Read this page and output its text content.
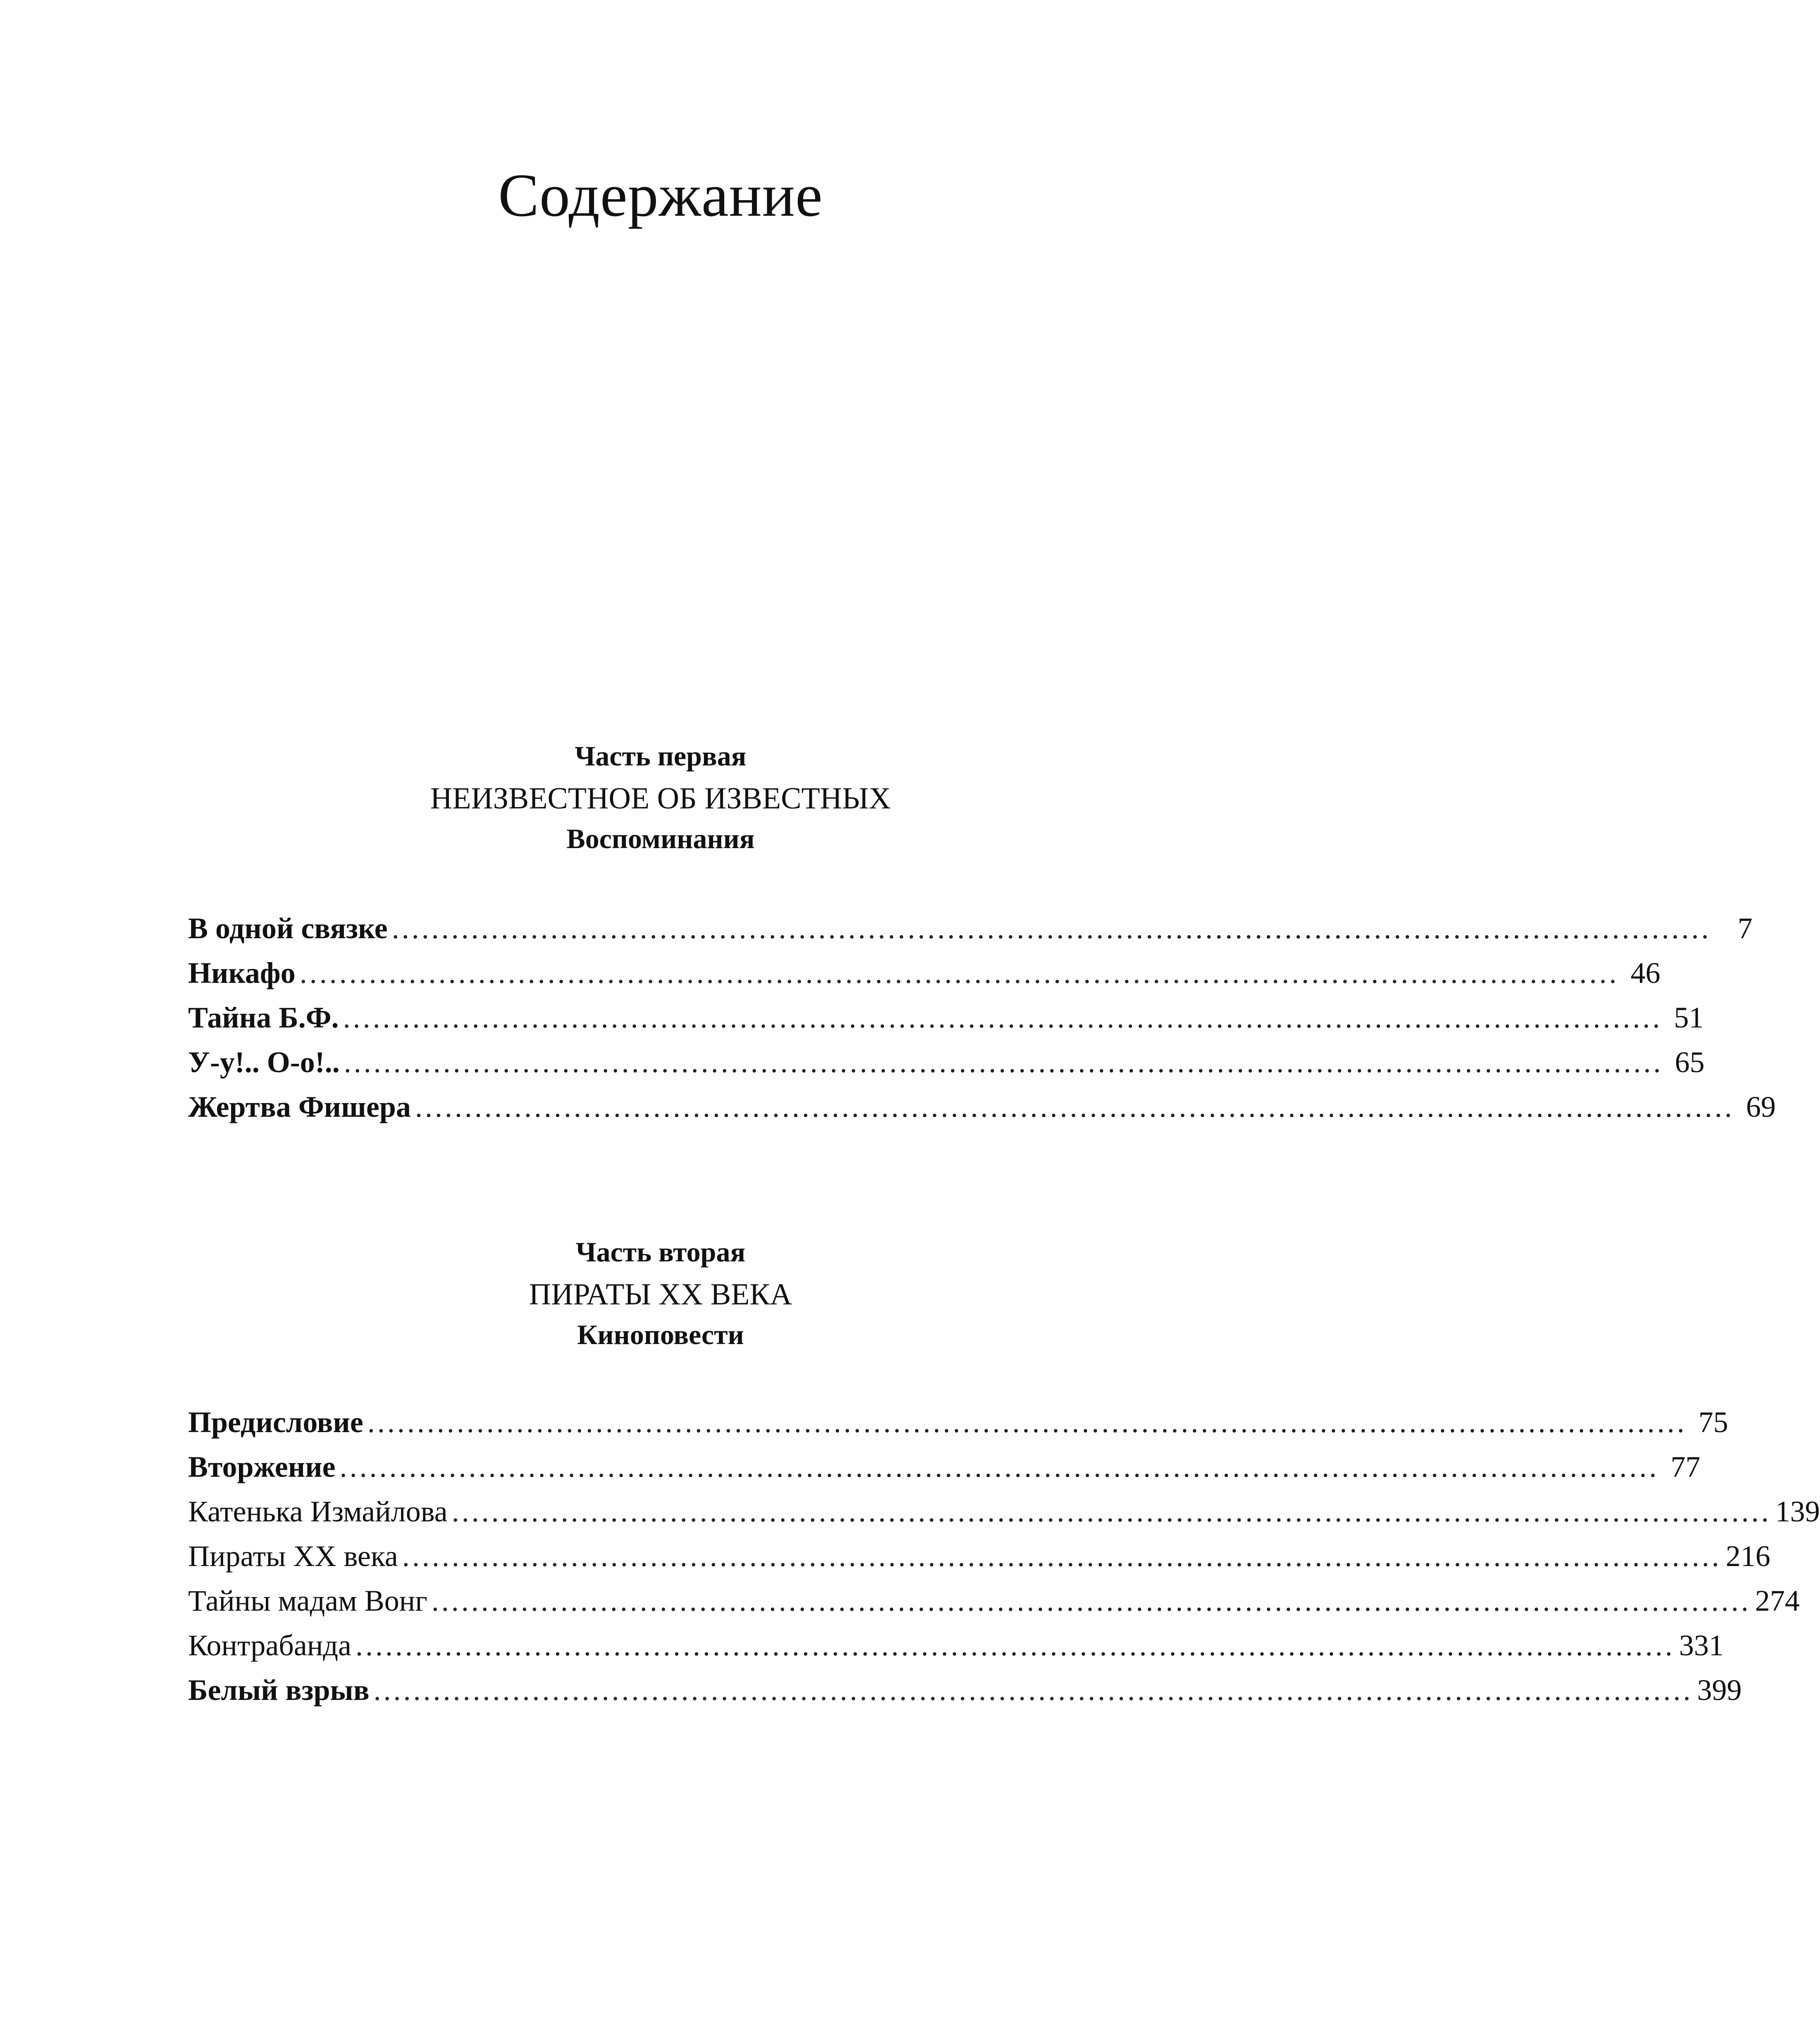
Содержание
Часть первая
НЕИЗВЕСТНОЕ ОБ ИЗВЕСТНЫХ
Воспоминания
В одной связке ..................................................................................................................................... 7
Никафо ..................................................................................................................................... 46
Тайна Б.Ф. ..................................................................................................................................... 51
У-у!.. О-о!.. ..................................................................................................................................... 65
Жертва Фишера ..................................................................................................................................... 69
Часть вторая
ПИРАТЫ XX ВЕКА
Киноповести
Предисловие ..................................................................................................................................... 75
Вторжение ..................................................................................................................................... 77
Катенька Измайлова ..................................................................................................................................... 139
Пираты XX века ..................................................................................................................................... 216
Тайны мадам Вонг ..................................................................................................................................... 274
Контрабанда ..................................................................................................................................... 331
Белый взрыв ..................................................................................................................................... 399
